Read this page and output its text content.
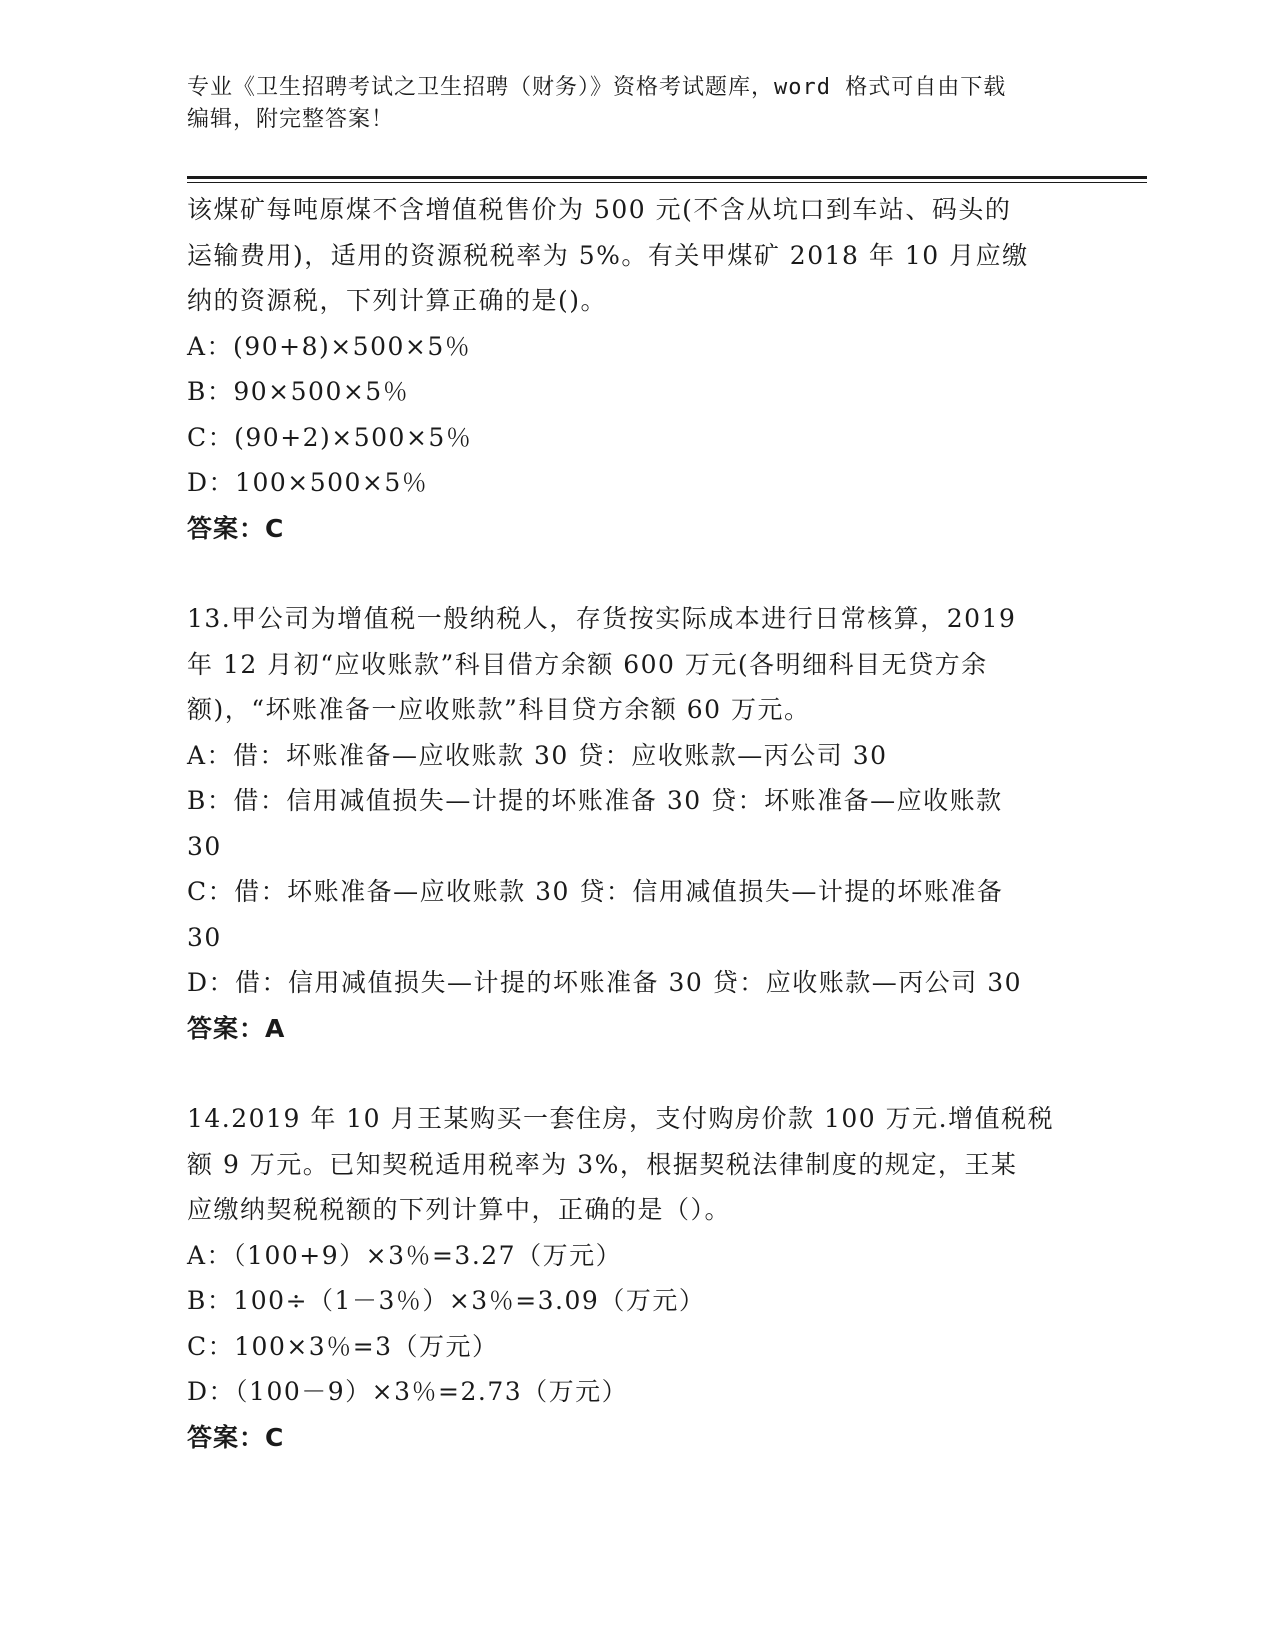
专业《卫生招聘考试之卫生招聘（财务）》资格考试题库，word 格式可自由下载
编辑，附完整答案！
该煤矿每吨原煤不含增值税售价为 500 元(不含从坑口到车站、码头的
运输费用)，适用的资源税税率为 5%。有关甲煤矿 2018 年 10 月应缴
纳的资源税，下列计算正确的是()。
A：(90+8)×500×5％
B：90×500×5％
C：(90+2)×500×5％
D：100×500×5％
答案：C
13.甲公司为增值税一般纳税人，存货按实际成本进行日常核算，2019
年 12 月初“应收账款”科目借方余额 600 万元(各明细科目无贷方余
额)，“坏账准备一应收账款”科目贷方余额 60 万元。
A：借：坏账准备—应收账款 30 贷：应收账款—丙公司 30
B：借：信用减值损失—计提的坏账准备 30 贷：坏账准备—应收账款
30
C：借：坏账准备—应收账款 30 贷：信用减值损失—计提的坏账准备
30
D：借：信用减值损失—计提的坏账准备 30 贷：应收账款—丙公司 30
答案：A
14.2019 年 10 月王某购买一套住房，支付购房价款 100 万元.增值税税
额 9 万元。已知契税适用税率为 3%，根据契税法律制度的规定，王某
应缴纳契税税额的下列计算中，正确的是（）。
A：（100+9）×3％=3.27（万元）
B：100÷（1－3％）×3％=3.09（万元）
C：100×3％=3（万元）
D：（100－9）×3％=2.73（万元）
答案：C
